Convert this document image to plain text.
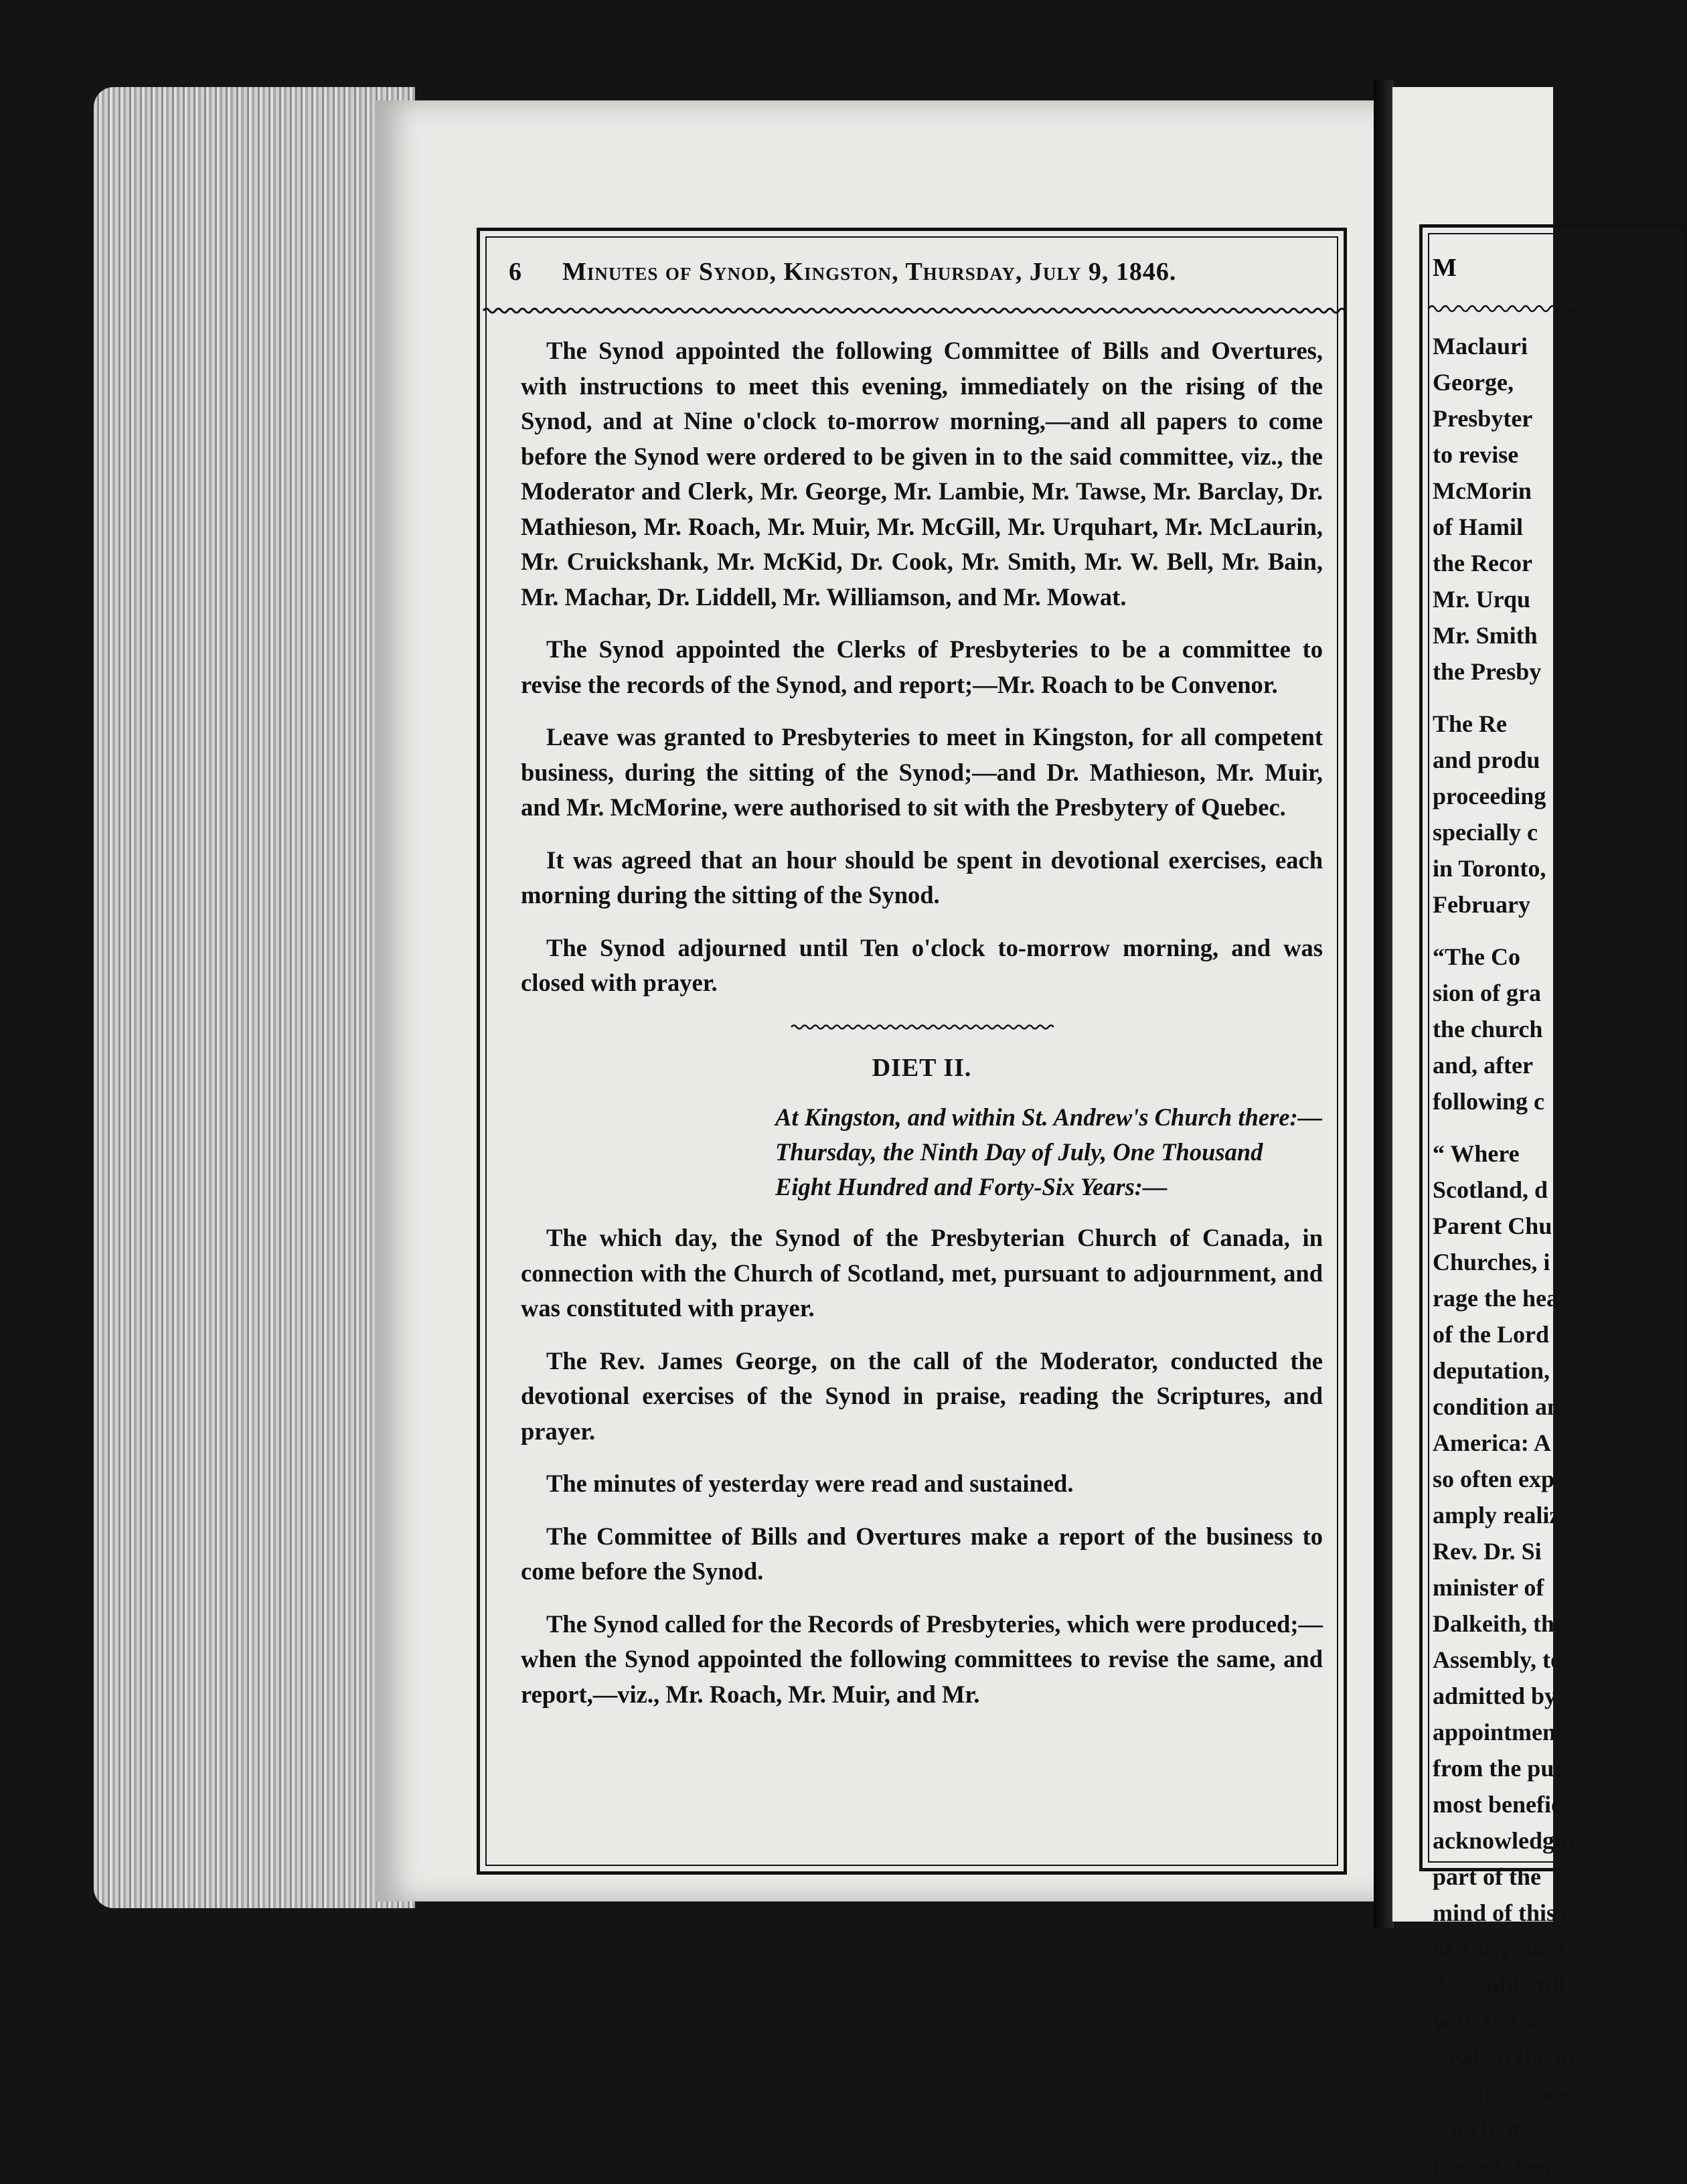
M
Maclauri
George,
Presbyter
to revise
McMorin
of Hamil
the Recor
Mr. Urqu
Mr. Smith
the Presby

The Re
and produ
proceeding
specially c
in Toronto,
February

“The Co
sion of gra
the church
and, after
following c

“ Where
Scotland, d
Parent Chu
Churches, i
rage the hea
of the Lord
deputation,
condition an
America: A
so often exp
amply realiz
Rev. Dr. Si
minister of
Dalkeith, the
Assembly, to
admitted by
appointment
from the pur
most benefic
acknowledgm
part of the
mind of this c
of July, and t
Assembly till
with the sen
weaken the m
circumstances
which, it is v
undertaken.
6	Minutes of Synod, Kingston, Thursday, July 9, 1846.

The Synod appointed the following Committee of Bills and Overtures, with instructions to meet this evening, immediately on the rising of the Synod, and at Nine o'clock to-morrow morning,—and all papers to come before the Synod were ordered to be given in to the said committee, viz., the Moderator and Clerk, Mr. George, Mr. Lambie, Mr. Tawse, Mr. Barclay, Dr. Mathieson, Mr. Roach, Mr. Muir, Mr. McGill, Mr. Urquhart, Mr. McLaurin, Mr. Cruickshank, Mr. McKid, Dr. Cook, Mr. Smith, Mr. W. Bell, Mr. Bain, Mr. Machar, Dr. Liddell, Mr. Williamson, and Mr. Mowat.

The Synod appointed the Clerks of Presbyteries to be a committee to revise the records of the Synod, and report;—Mr. Roach to be Convenor.

Leave was granted to Presbyteries to meet in Kingston, for all competent business, during the sitting of the Synod;—and Dr. Mathieson, Mr. Muir, and Mr. McMorine, were authorised to sit with the Presbytery of Quebec.

It was agreed that an hour should be spent in devotional exercises, each morning during the sitting of the Synod.

The Synod adjourned until Ten o'clock to-morrow morning, and was closed with prayer.

DIET II.
At Kingston, and within St. Andrew's Church there:—
Thursday, the Ninth Day of July, One Thousand
Eight Hundred and Forty-Six Years:—

The which day, the Synod of the Presbyterian Church of Canada, in connection with the Church of Scotland, met, pursuant to adjournment, and was constituted with prayer.

The Rev. James George, on the call of the Moderator, conducted the devotional exercises of the Synod in praise, reading the Scriptures, and prayer.

The minutes of yesterday were read and sustained.

The Committee of Bills and Overtures make a report of the business to come before the Synod.

The Synod called for the Records of Presbyteries, which were produced;—when the Synod appointed the following committees to revise the same, and report,—viz., Mr. Roach, Mr. Muir, and Mr.
